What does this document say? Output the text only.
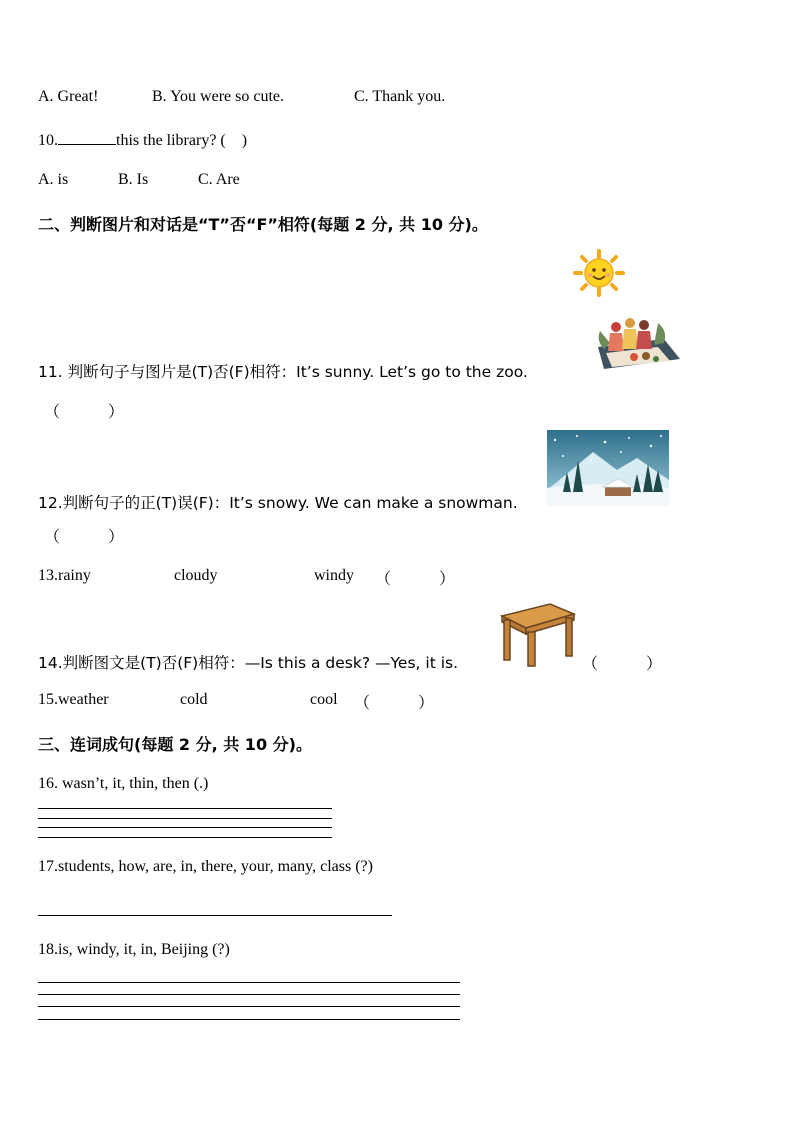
A. Great!	B. You were so cute.	C. Thank you.
10.	this the library? ( )
A. is	B. Is	C. Are
二、判断图片和对话是“T”否“F”相符(每题 2 分, 共 10 分)。
11. 判断句子与图片是(T)否(F)相符：It’s sunny. Let’s go to the zoo.
（　　　）
12.判断句子的正(T)误(F)：It’s snowy. We can make a snowman.
（　　　）
13.rainy	cloudy	windy （　　　）
14.判断图文是(T)否(F)相符：—Is this a desk? —Yes, it is.	（　　　）
15.weather	cold	cool （　　　）
三、连词成句(每题 2 分, 共 10 分)。
16. wasn’t, it, thin, then (.)
17.students, how, are, in, there, your, many, class (?)
18.is, windy, it, in, Beijing (?)
